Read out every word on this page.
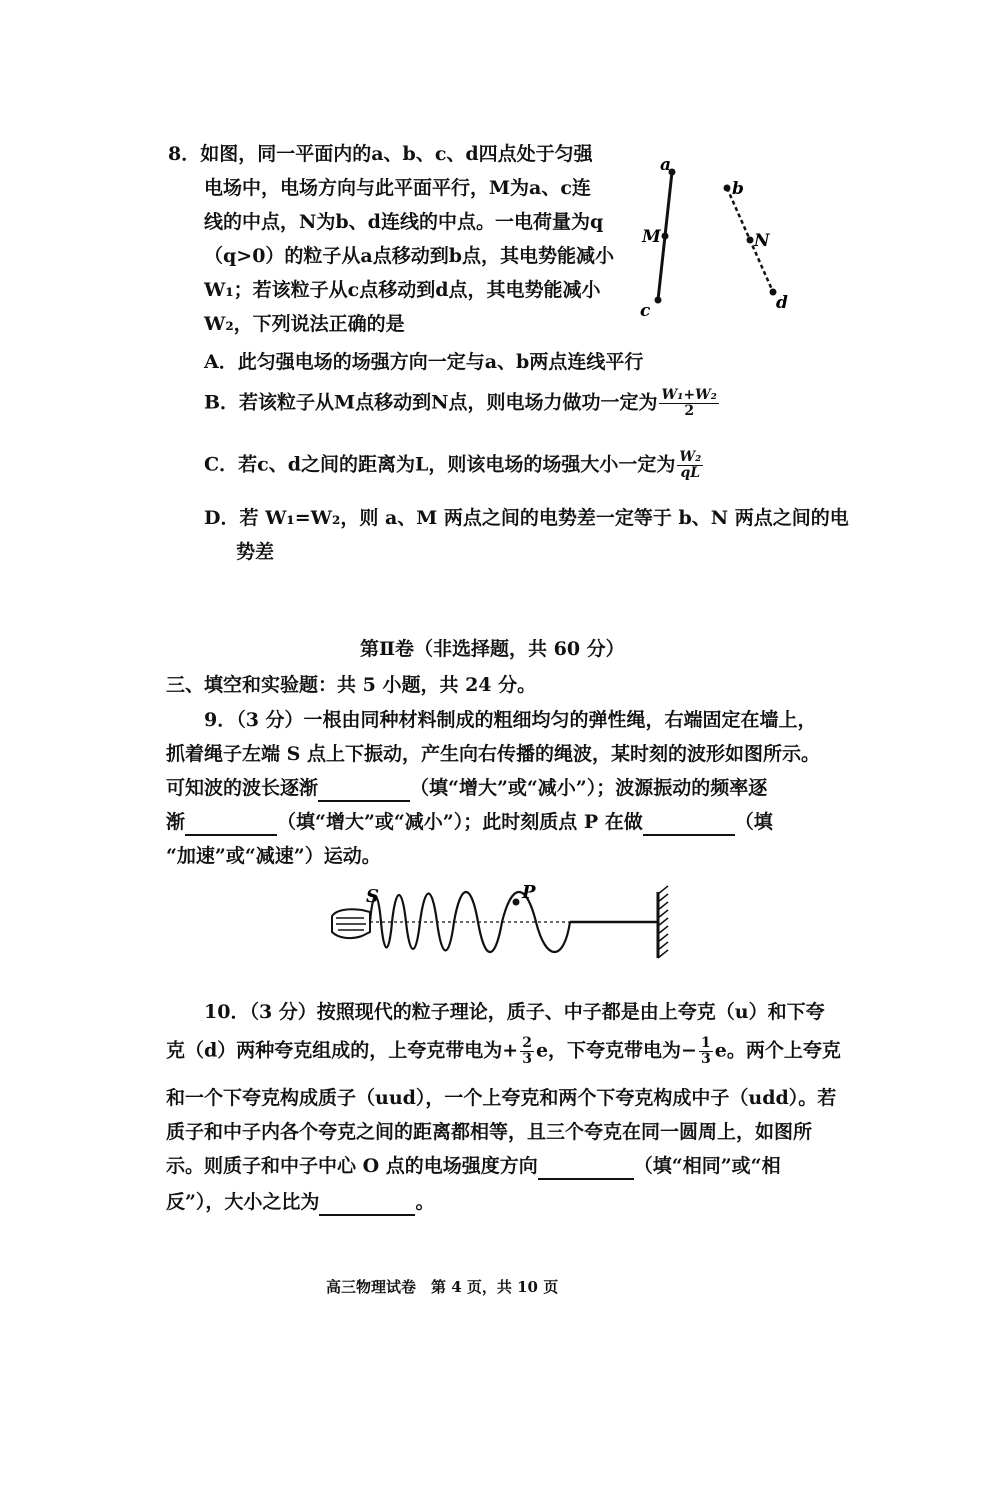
8．如图，同一平面内的a、b、c、d四点处于匀强
电场中，电场方向与此平面平行，M为a、c连
线的中点，N为b、d连线的中点。一电荷量为q
（q>0）的粒子从a点移动到b点，其电势能减小
W₁；若该粒子从c点移动到d点，其电势能减小
W₂，下列说法正确的是
a
M
c
b
N
d
A．此匀强电场的场强方向一定与a、b两点连线平行
B．若该粒子从M点移动到N点，则电场力做功一定为 $\frac{\text{W₁+W₂}}{2}$
C．若c、d之间的距离为L，则该电场的场强大小一定为 $\frac{\text{W₂}}{qL}$
D．若 W₁=W₂，则 a、M 两点之间的电势差一定等于 b、N 两点之间的电
势差
第Ⅱ卷（非选择题，共 60 分）
三、填空和实验题：共 5 小题，共 24 分。
9．（3 分）一根由同种材料制成的粗细均匀的弹性绳，右端固定在墙上，
抓着绳子左端 S 点上下振动，产生向右传播的绳波，某时刻的波形如图所示。
可知波的波长逐渐	（填“增大”或“减小”）；波源振动的频率逐
渐	（填“增大”或“减小”）；此时刻质点 P 在做	（填
“加速”或“减速”）运动。
S	P
10．（3 分）按照现代的粒子理论，质子、中子都是由上夸克（u）和下夸
克（d）两种夸克组成的，上夸克带电为+ $\frac{2}{3}$ e，下夸克带电为− $\frac{1}{3}$ e。两个上夸克
和一个下夸克构成质子（uud），一个上夸克和两个下夸克构成中子（udd）。若
质子和中子内各个夸克之间的距离都相等，且三个夸克在同一圆周上，如图所
示。则质子和中子中心 O 点的电场强度方向	（填“相同”或“相
反”），大小之比为	。
高三物理试卷　第 4 页，共 10 页
